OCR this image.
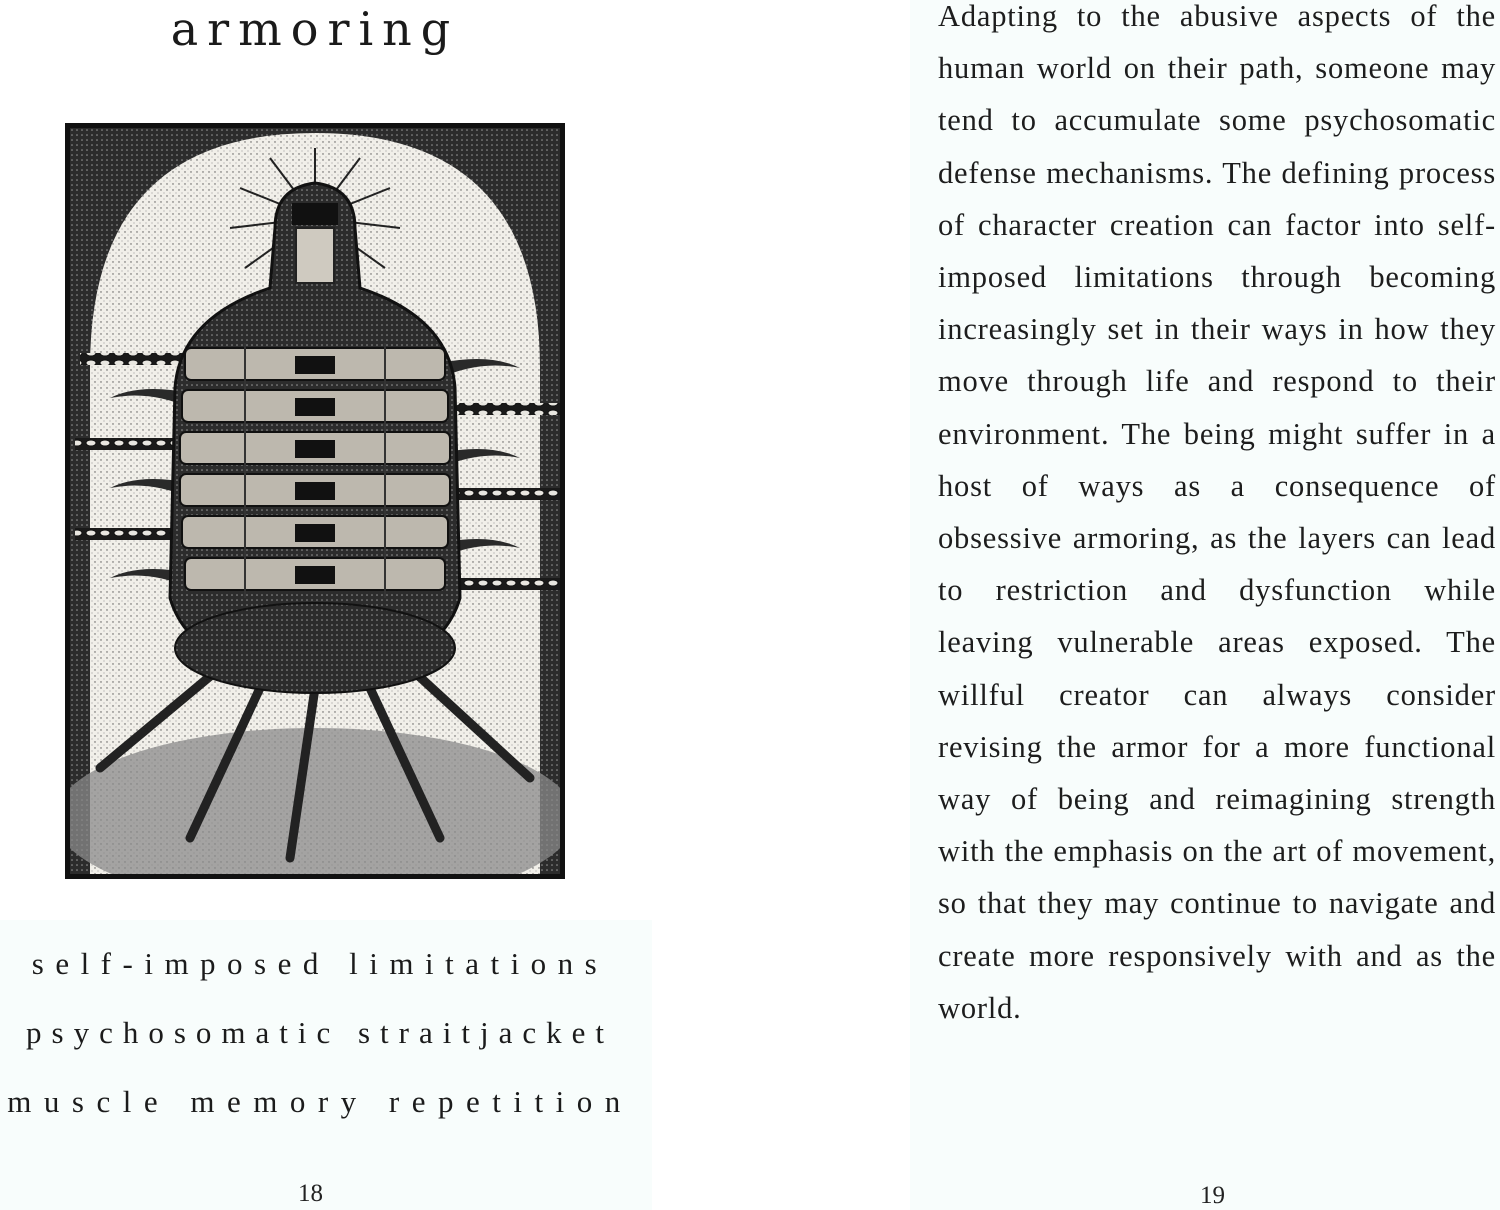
armoring
self-imposed limitations
psychosomatic straitjacket
muscle memory repetition
18

Adapting to the abusive aspects of the human world on their path, someone may tend to accumulate some psychosomatic defense mechanisms. The defining process of character creation can factor into self-imposed limitations through becoming increasingly set in their ways in how they move through life and respond to their environment. The being might suffer in a host of ways as a consequence of obsessive armoring, as the layers can lead to restriction and dysfunction while leaving vulnerable areas exposed. The willful creator can always consider revising the armor for a more functional way of being and reimagining strength with the emphasis on the art of movement, so that they may continue to navigate and create more responsively with and as the world.

19
